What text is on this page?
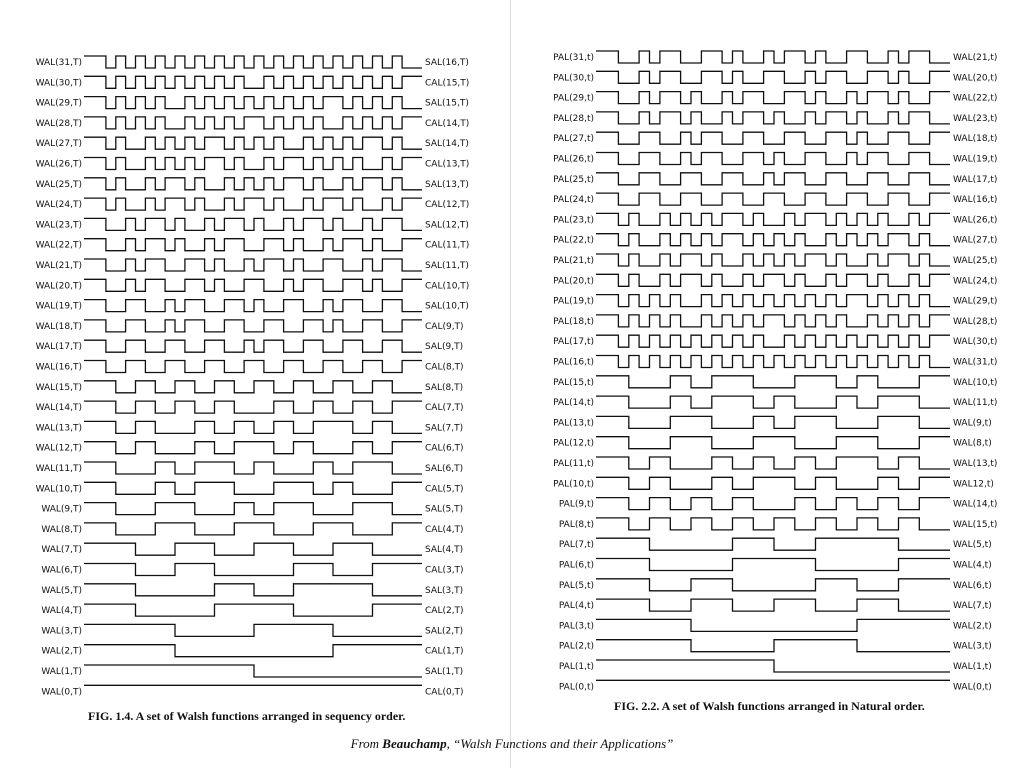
WAL(31,T)	SAL(16,T)
WAL(30,T)	CAL(15,T)
WAL(29,T)	SAL(15,T)
WAL(28,T)	CAL(14,T)
WAL(27,T)	SAL(14,T)
WAL(26,T)	CAL(13,T)
WAL(25,T)	SAL(13,T)
WAL(24,T)	CAL(12,T)
WAL(23,T)	SAL(12,T)
WAL(22,T)	CAL(11,T)
WAL(21,T)	SAL(11,T)
WAL(20,T)	CAL(10,T)
WAL(19,T)	SAL(10,T)
WAL(18,T)	CAL(9,T)
WAL(17,T)	SAL(9,T)
WAL(16,T)	CAL(8,T)
WAL(15,T)	SAL(8,T)
WAL(14,T)	CAL(7,T)
WAL(13,T)	SAL(7,T)
WAL(12,T)	CAL(6,T)
WAL(11,T)	SAL(6,T)
WAL(10,T)	CAL(5,T)
WAL(9,T)	SAL(5,T)
WAL(8,T)	CAL(4,T)
WAL(7,T)	SAL(4,T)
WAL(6,T)	CAL(3,T)
WAL(5,T)	SAL(3,T)
WAL(4,T)	CAL(2,T)
WAL(3,T)	SAL(2,T)
WAL(2,T)	CAL(1,T)
WAL(1,T)	SAL(1,T)
WAL(0,T)	CAL(0,T)
PAL(31,t)	WAL(21,t)
PAL(30,t)	WAL(20,t)
PAL(29,t)	WAL(22,t)
PAL(28,t)	WAL(23,t)
PAL(27,t)	WAL(18,t)
PAL(26,t)	WAL(19,t)
PAL(25,t)	WAL(17,t)
PAL(24,t)	WAL(16,t)
PAL(23,t)	WAL(26,t)
PAL(22,t)	WAL(27,t)
PAL(21,t)	WAL(25,t)
PAL(20,t)	WAL(24,t)
PAL(19,t)	WAL(29,t)
PAL(18,t)	WAL(28,t)
PAL(17,t)	WAL(30,t)
PAL(16,t)	WAL(31,t)
PAL(15,t)	WAL(10,t)
PAL(14,t)	WAL(11,t)
PAL(13,t)	WAL(9,t)
PAL(12,t)	WAL(8,t)
PAL(11,t)	WAL(13,t)
PAL(10,t)	WAL12,t)
PAL(9,t)	WAL(14,t)
PAL(8,t)	WAL(15,t)
PAL(7,t)	WAL(5,t)
PAL(6,t)	WAL(4,t)
PAL(5,t)	WAL(6,t)
PAL(4,t)	WAL(7,t)
PAL(3,t)	WAL(2,t)
PAL(2,t)	WAL(3,t)
PAL(1,t)	WAL(1,t)
PAL(0,t)	WAL(0,t)
FIG. 1.4. A set of Walsh functions arranged in sequency order.
FIG. 2.2. A set of Walsh functions arranged in Natural order.
From Beauchamp, “Walsh Functions and their Applications”
